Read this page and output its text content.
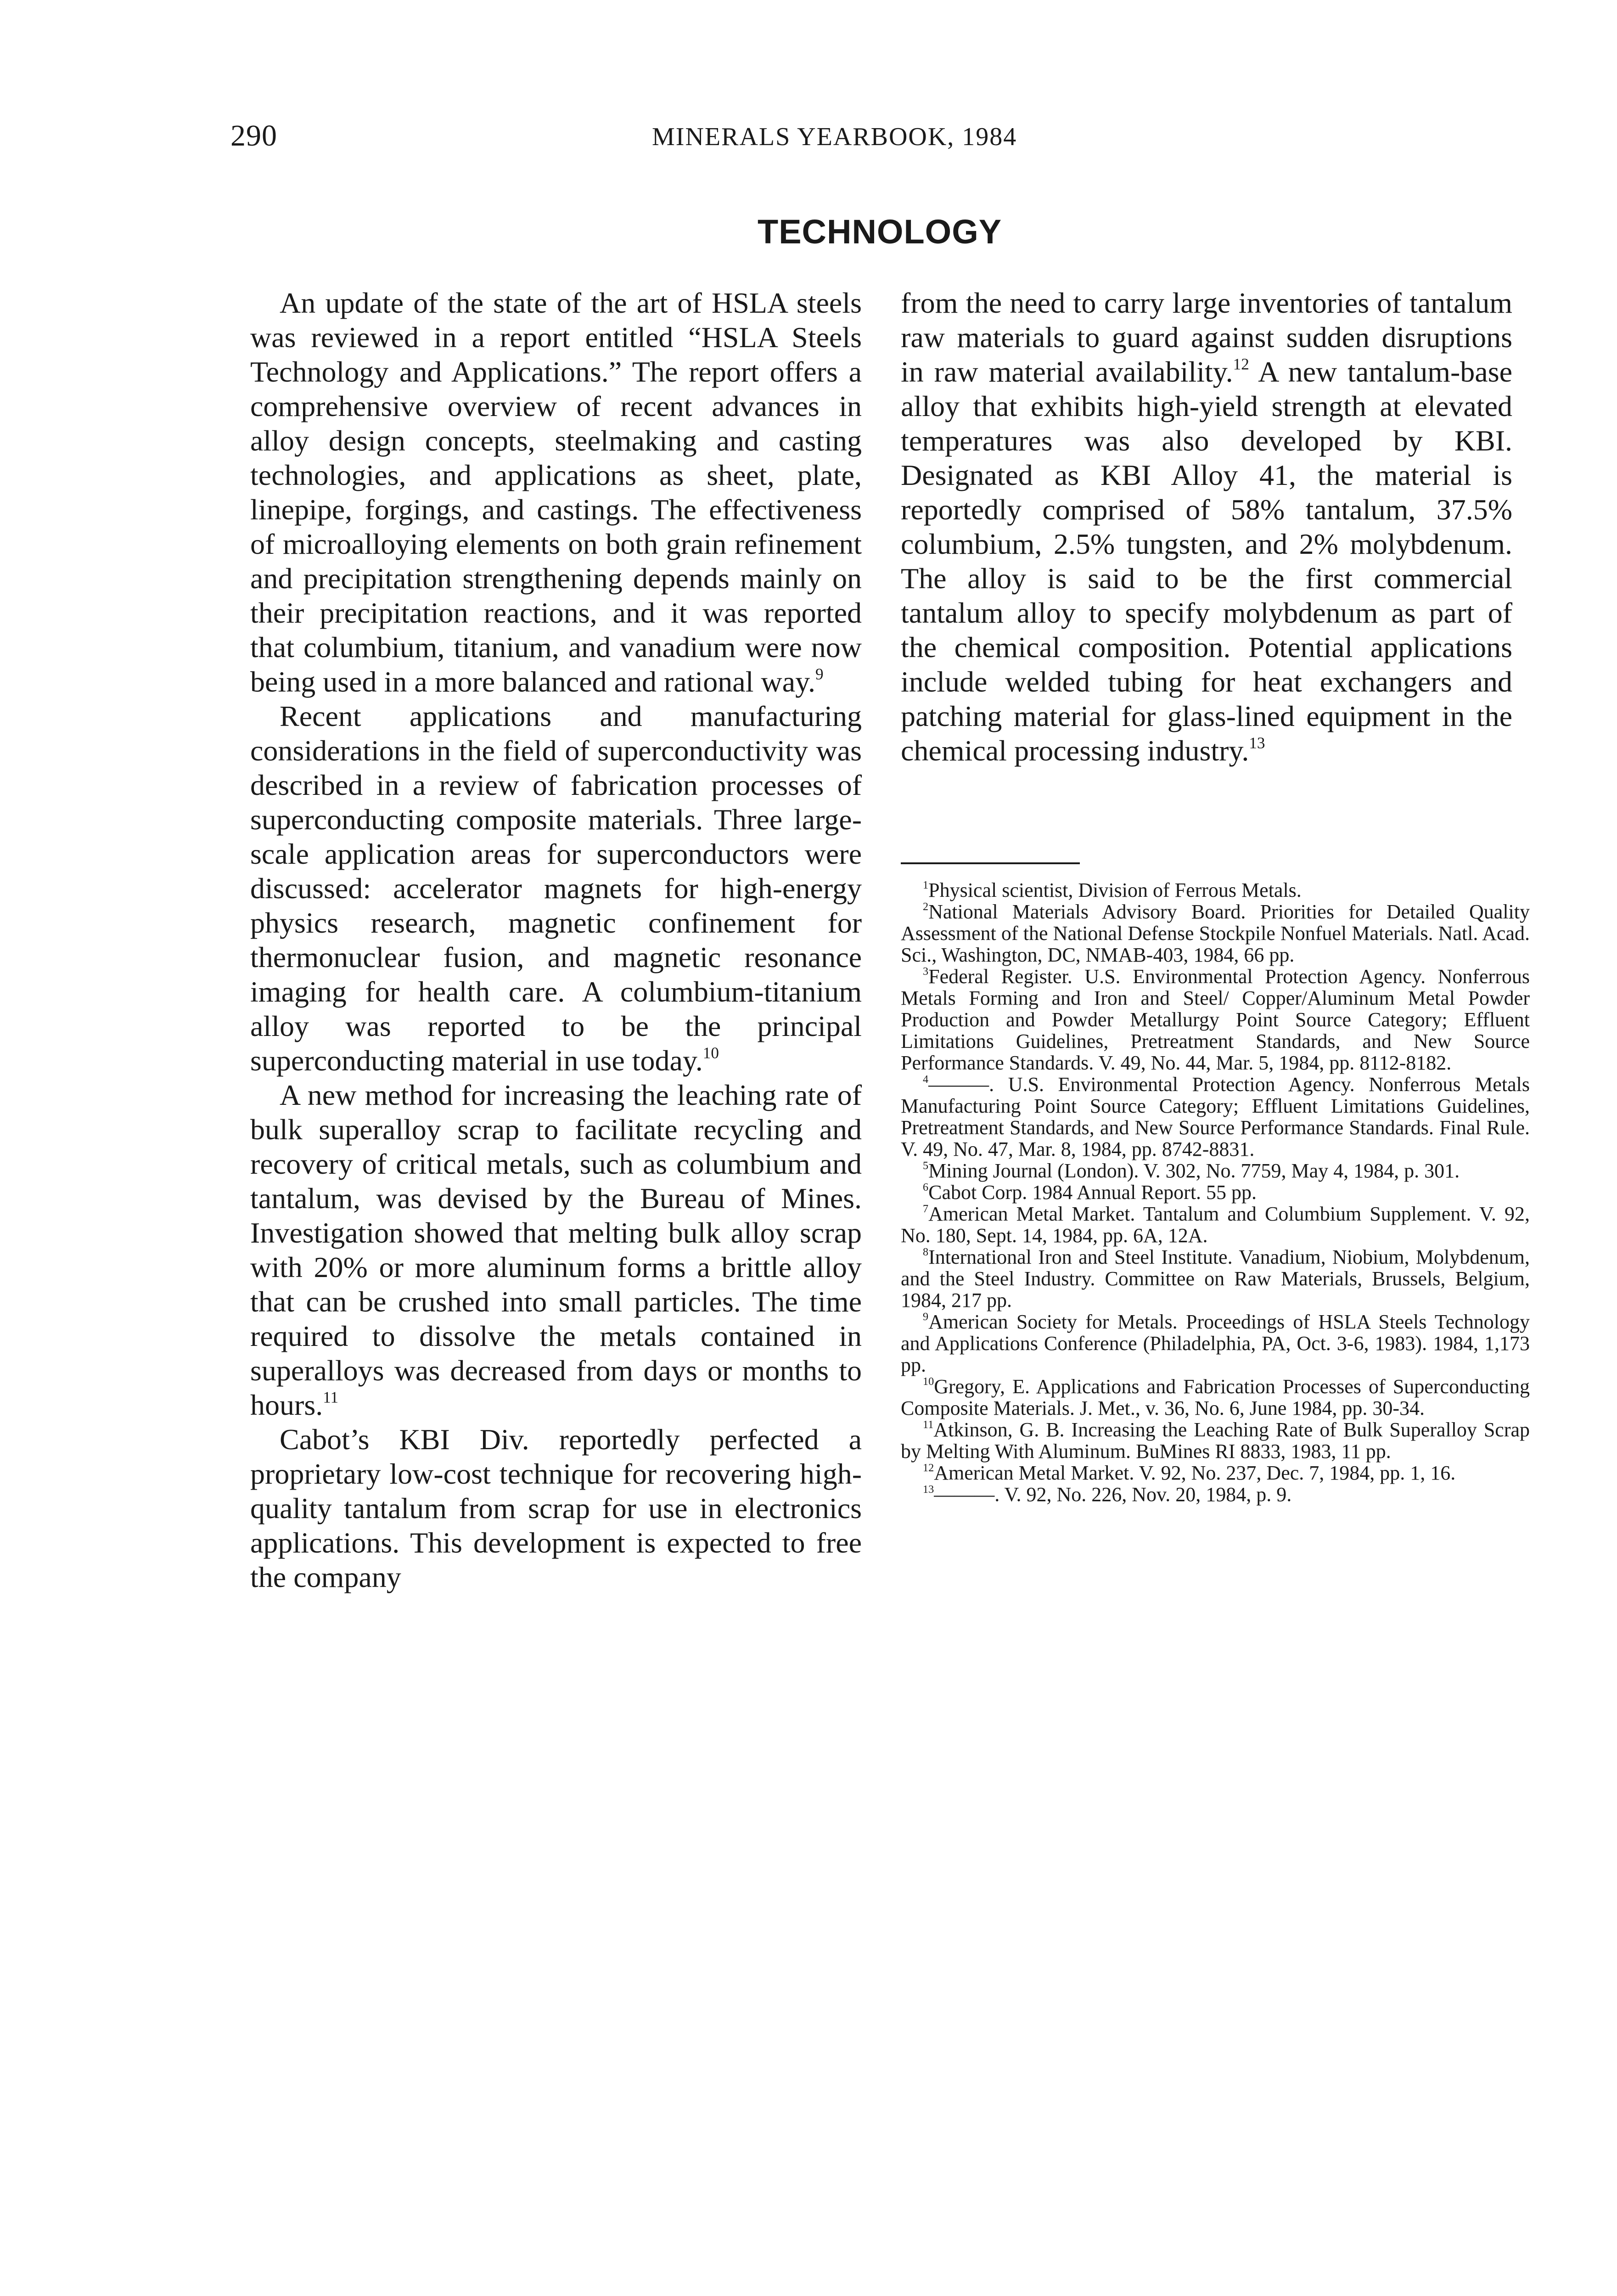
290	MINERALS YEARBOOK, 1984
TECHNOLOGY

An update of the state of the art of HSLA steels was reviewed in a report entitled “HSLA Steels Technology and Applications.” The report offers a comprehensive overview of recent advances in alloy design concepts, steelmaking and casting technologies, and applications as sheet, plate, linepipe, forgings, and castings. The effectiveness of microalloying elements on both grain refinement and precipitation strengthening depends mainly on their precipitation reactions, and it was reported that columbium, titanium, and vanadium were now being used in a more balanced and rational way.$^9$

Recent applications and manufacturing considerations in the field of superconductivity was described in a review of fabrication processes of superconducting composite materials. Three large-scale application areas for superconductors were discussed: accelerator magnets for high-energy physics research, magnetic confinement for thermonuclear fusion, and magnetic resonance imaging for health care. A columbium-titanium alloy was reported to be the principal superconducting material in use today.$^{10}$

A new method for increasing the leaching rate of bulk superalloy scrap to facilitate recycling and recovery of critical metals, such as columbium and tantalum, was devised by the Bureau of Mines. Investigation showed that melting bulk alloy scrap with 20% or more aluminum forms a brittle alloy that can be crushed into small particles. The time required to dissolve the metals contained in superalloys was decreased from days or months to hours.$^{11}$

Cabot’s KBI Div. reportedly perfected a proprietary low-cost technique for recovering high-quality tantalum from scrap for use in electronics applications. This development is expected to free the company

from the need to carry large inventories of tantalum raw materials to guard against sudden disruptions in raw material availability.$^{12}$ A new tantalum-base alloy that exhibits high-yield strength at elevated temperatures was also developed by KBI. Designated as KBI Alloy 41, the material is reportedly comprised of 58% tantalum, 37.5% columbium, 2.5% tungsten, and 2% molybdenum. The alloy is said to be the first commercial tantalum alloy to specify molybdenum as part of the chemical composition. Potential applications include welded tubing for heat exchangers and patching material for glass-lined equipment in the chemical processing industry.$^{13}$

$^1$Physical scientist, Division of Ferrous Metals.

$^2$National Materials Advisory Board. Priorities for Detailed Quality Assessment of the National Defense Stockpile Nonfuel Materials. Natl. Acad. Sci., Washington, DC, NMAB-403, 1984, 66 pp.

$^3$Federal Register. U.S. Environmental Protection Agency. Nonferrous Metals Forming and Iron and Steel/ Copper/Aluminum Metal Powder Production and Powder Metallurgy Point Source Category; Effluent Limitations Guidelines, Pretreatment Standards, and New Source Performance Standards. V. 49, No. 44, Mar. 5, 1984, pp. 8112-8182.

$^4$———. U.S. Environmental Protection Agency. Nonferrous Metals Manufacturing Point Source Category; Effluent Limitations Guidelines, Pretreatment Standards, and New Source Performance Standards. Final Rule. V. 49, No. 47, Mar. 8, 1984, pp. 8742-8831.

$^5$Mining Journal (London). V. 302, No. 7759, May 4, 1984, p. 301.

$^6$Cabot Corp. 1984 Annual Report. 55 pp.

$^7$American Metal Market. Tantalum and Columbium Supplement. V. 92, No. 180, Sept. 14, 1984, pp. 6A, 12A.

$^8$International Iron and Steel Institute. Vanadium, Niobium, Molybdenum, and the Steel Industry. Committee on Raw Materials, Brussels, Belgium, 1984, 217 pp.

$^9$American Society for Metals. Proceedings of HSLA Steels Technology and Applications Conference (Philadelphia, PA, Oct. 3-6, 1983). 1984, 1,173 pp.

$^{10}$Gregory, E. Applications and Fabrication Processes of Superconducting Composite Materials. J. Met., v. 36, No. 6, June 1984, pp. 30-34.

$^{11}$Atkinson, G. B. Increasing the Leaching Rate of Bulk Superalloy Scrap by Melting With Aluminum. BuMines RI 8833, 1983, 11 pp.

$^{12}$American Metal Market. V. 92, No. 237, Dec. 7, 1984, pp. 1, 16.

$^{13}$———. V. 92, No. 226, Nov. 20, 1984, p. 9.
